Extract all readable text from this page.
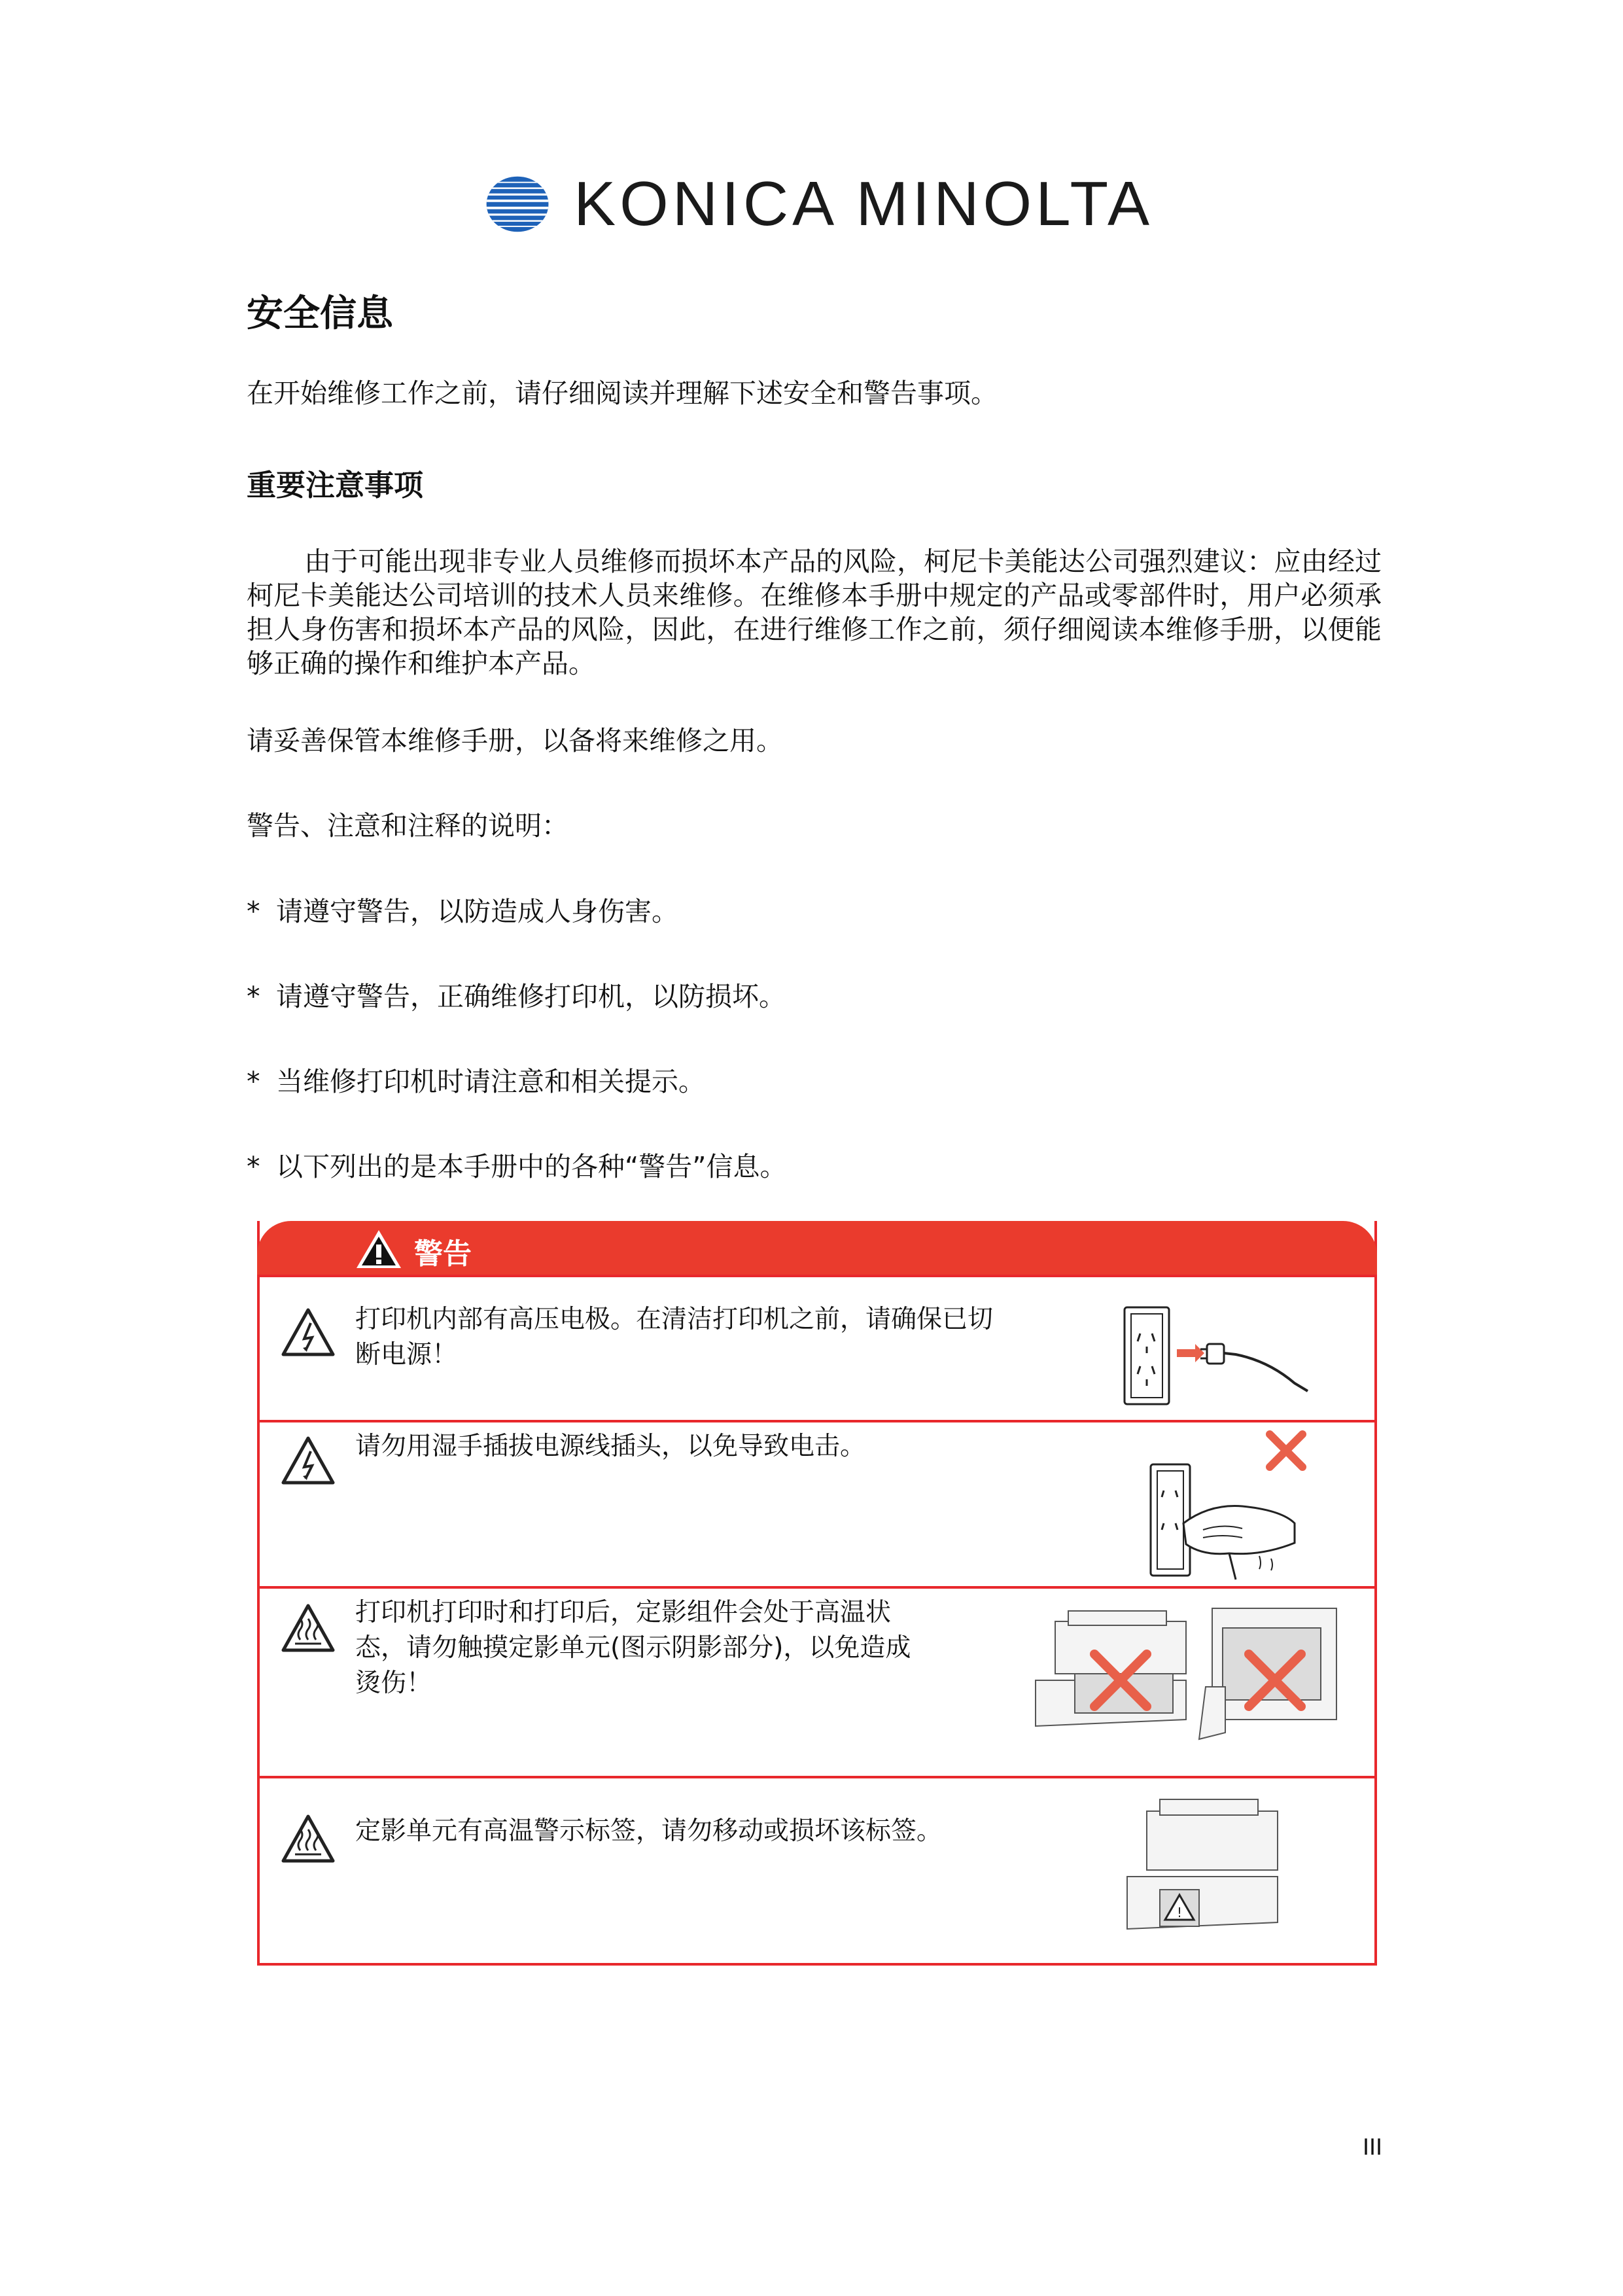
KONICA MINOLTA
安全信息
在开始维修工作之前，请仔细阅读并理解下述安全和警告事项。
重要注意事项
由于可能出现非专业人员维修而损坏本产品的风险，柯尼卡美能达公司强烈建议：应由经过柯尼卡美能达公司培训的技术人员来维修。在维修本手册中规定的产品或零部件时，用户必须承担人身伤害和损坏本产品的风险，因此，在进行维修工作之前，须仔细阅读本维修手册，以便能够正确的操作和维护本产品。
请妥善保管本维修手册，以备将来维修之用。
警告、注意和注释的说明：
* 请遵守警告，以防造成人身伤害。
* 请遵守警告，正确维修打印机，以防损坏。
* 当维修打印机时请注意和相关提示。
* 以下列出的是本手册中的各种“警告”信息。
警告
打印机内部有高压电极。在清洁打印机之前，请确保已切断电源！
请勿用湿手插拔电源线插头，以免导致电击。
打印机打印时和打印后，定影组件会处于高温状态，请勿触摸定影单元(图示阴影部分)，以免造成烫伤！
定影单元有高温警示标签，请勿移动或损坏该标签。
!
III
